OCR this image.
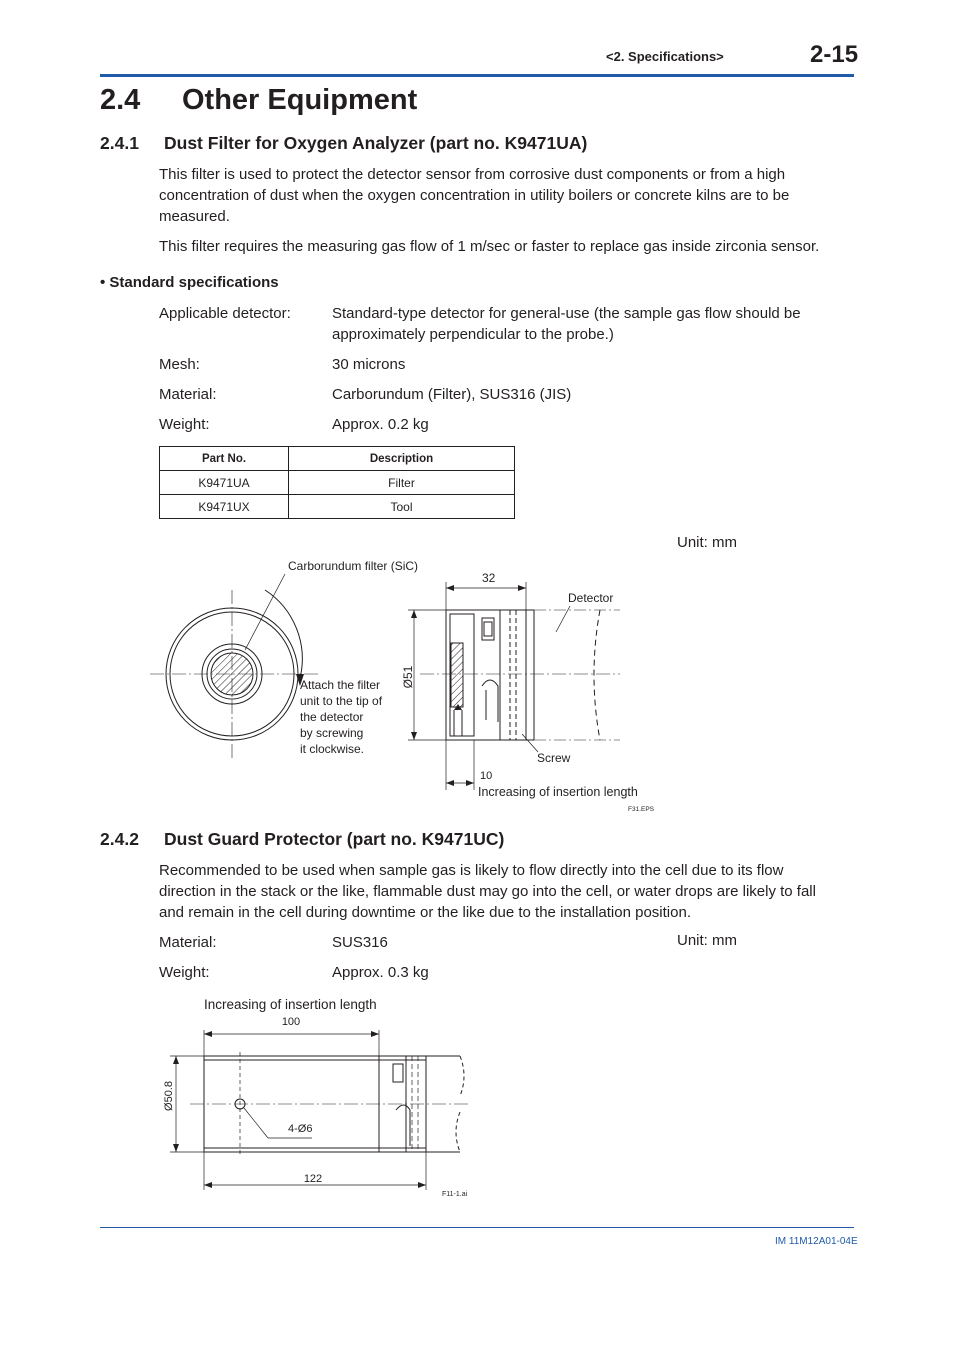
<2. Specifications>	2-15
2.4 Other Equipment
2.4.1 Dust Filter for Oxygen Analyzer (part no. K9471UA)
This filter is used to protect the detector sensor from corrosive dust components or from a high concentration of dust when the oxygen concentration in utility boilers or concrete kilns are to be measured.
This filter requires the measuring gas flow of 1 m/sec or faster to replace gas inside zirconia sensor.
• Standard specifications
Applicable detector:	Standard-type detector for general-use (the sample gas flow should be approximately perpendicular to the probe.)
Mesh:	30 microns
Material:	Carborundum (Filter), SUS316 (JIS)
Weight:	Approx. 0.2 kg
Part No.	Description
K9471UA	Filter
K9471UX	Tool
Unit: mm
Carborundum filter (SiC)
Attach the filter
unit to the tip of
the detector
by screwing
it clockwise.
32
Ø51
Detector
Screw
10
Increasing of insertion length
F31.EPS
2.4.2 Dust Guard Protector (part no. K9471UC)
Recommended to be used when sample gas is likely to flow directly into the cell due to its flow direction in the stack or the like, flammable dust may go into the cell, or water drops are likely to fall and remain in the cell during downtime or the like due to the installation position.
Material:	SUS316
Weight:	Approx. 0.3 kg
Unit: mm
Increasing of insertion length
100
4-Ø6
Ø50.8
122
F11-1.ai
IM 11M12A01-04E
